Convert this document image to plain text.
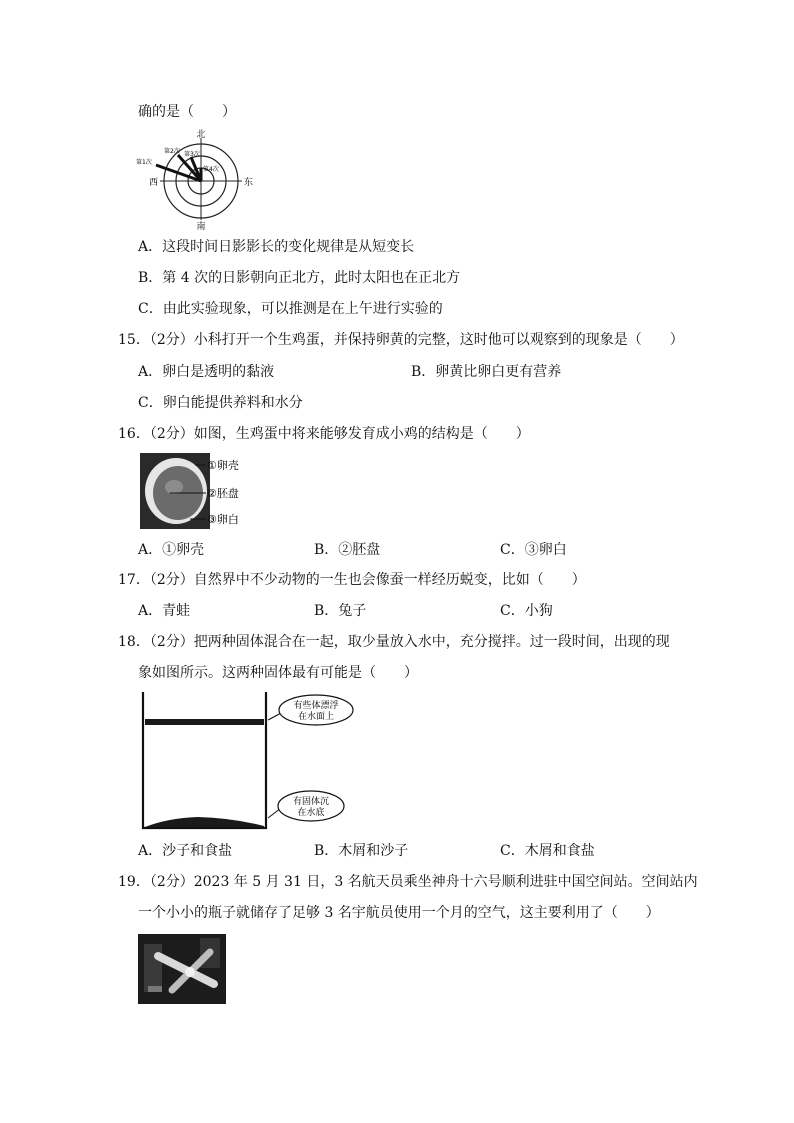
确的是（　　）
北
南
东
西
第1次
第2次 第3次
第4次
A．这段时间日影影长的变化规律是从短变长
B．第 4 次的日影朝向正北方，此时太阳也在正北方
C．由此实验现象，可以推测是在上午进行实验的
15．（2分）小科打开一个生鸡蛋，并保持卵黄的完整，这时他可以观察到的现象是（　　）
A．卵白是透明的黏液	B．卵黄比卵白更有营养
C．卵白能提供养料和水分
16．（2分）如图，生鸡蛋中将来能够发育成小鸡的结构是（　　）
①卵壳
②胚盘
③卵白
A．①卵壳	B．②胚盘	C．③卵白
17．（2分）自然界中不少动物的一生也会像蚕一样经历蜕变，比如（　　）
A．青蛙	B．兔子	C．小狗
18．（2分）把两种固体混合在一起，取少量放入水中，充分搅拌。过一段时间，出现的现
象如图所示。这两种固体最有可能是（　　）
有些体漂浮
在水面上
有固体沉
在水底
A．沙子和食盐	B．木屑和沙子	C．木屑和食盐
19．（2分）2023 年 5 月 31 日，3 名航天员乘坐神舟十六号顺利进驻中国空间站。空间站内
一个小小的瓶子就储存了足够 3 名宇航员使用一个月的空气，这主要利用了（　　）
